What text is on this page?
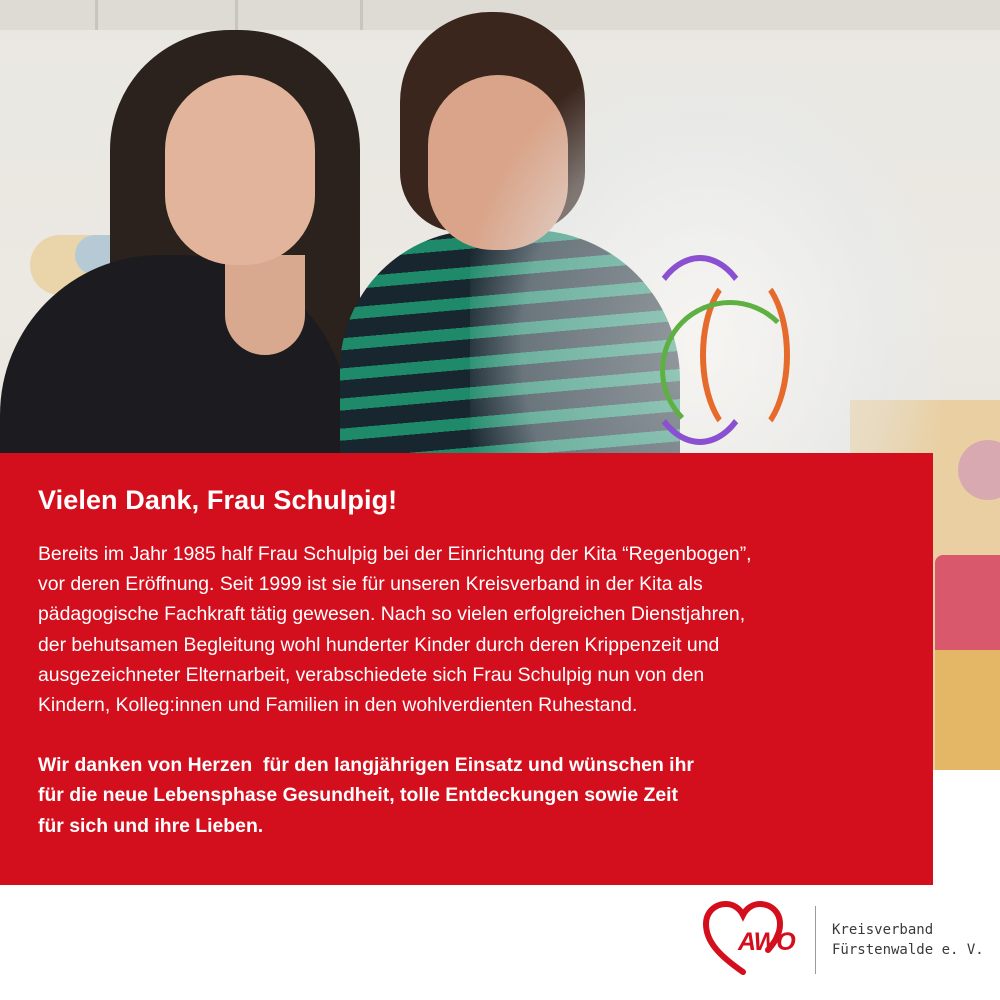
Vielen Dank, Frau Schulpig!

Bereits im Jahr 1985 half Frau Schulpig bei der Einrichtung der Kita “Regenbogen”,
vor deren Eröffnung. Seit 1999 ist sie für unseren Kreisverband in der Kita als
pädagogische Fachkraft tätig gewesen. Nach so vielen erfolgreichen Dienstjahren,
der behutsamen Begleitung wohl hunderter Kinder durch deren Krippenzeit und
ausgezeichneter Elternarbeit, verabschiedete sich Frau Schulpig nun von den
Kindern, Kolleg:innen und Familien in den wohlverdienten Ruhestand.

Wir danken von Herzen  für den langjährigen Einsatz und wünschen ihr
für die neue Lebensphase Gesundheit, tolle Entdeckungen sowie Zeit
für sich und ihre Lieben.

AWO	Kreisverband
Fürstenwalde e. V.
